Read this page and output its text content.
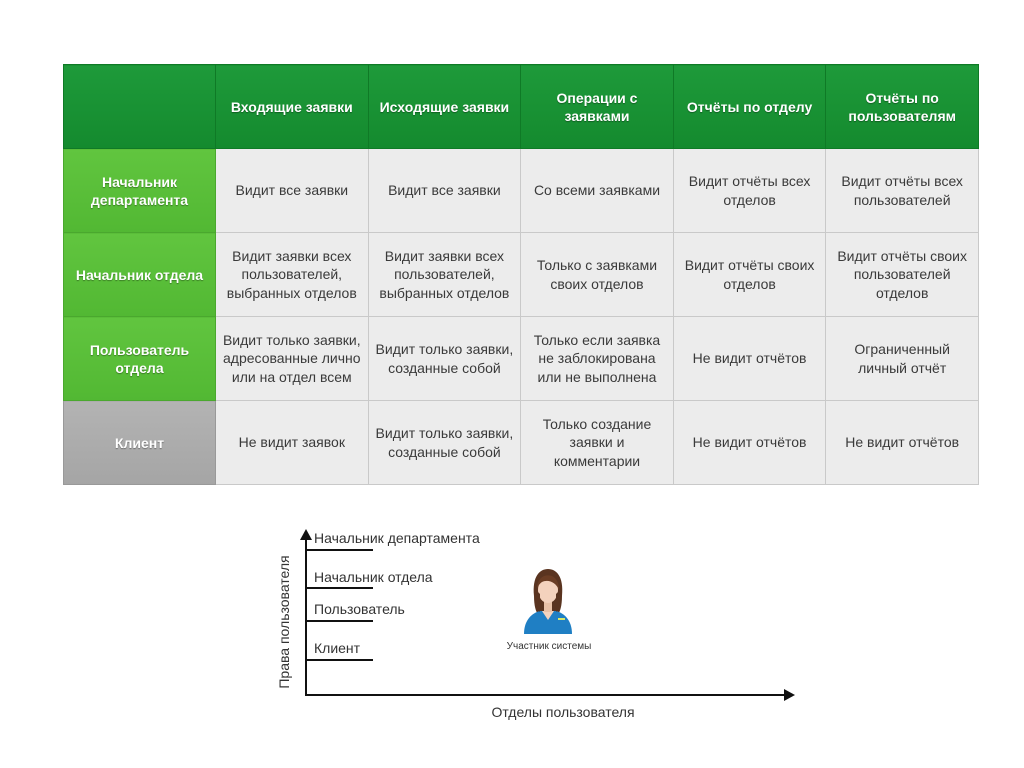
	Входящие заявки	Исходящие заявки	Операции с заявками	Отчёты по отделу	Отчёты по пользователям
Начальник департамента	Видит все заявки	Видит все заявки	Со всеми заявками	Видит отчёты всех отделов	Видит отчёты всех пользователей
Начальник отдела	Видит заявки всех пользователей, выбранных отделов	Видит заявки всех пользователей, выбранных отделов	Только с заявками своих отделов	Видит отчёты своих отделов	Видит отчёты своих пользователей отделов
Пользователь отдела	Видит только заявки, адресованные лично или на отдел всем	Видит только заявки, созданные собой	Только если заявка не заблокирована или не выполнена	Не видит отчётов	Ограниченный личный отчёт
Клиент	Не видит заявок	Видит только заявки, созданные собой	Только создание заявки и комментарии	Не видит отчётов	Не видит отчётов
Начальник департамента
Начальник отдела
Пользователь
Клиент
Права пользователя
Отделы пользователя
Участник системы
